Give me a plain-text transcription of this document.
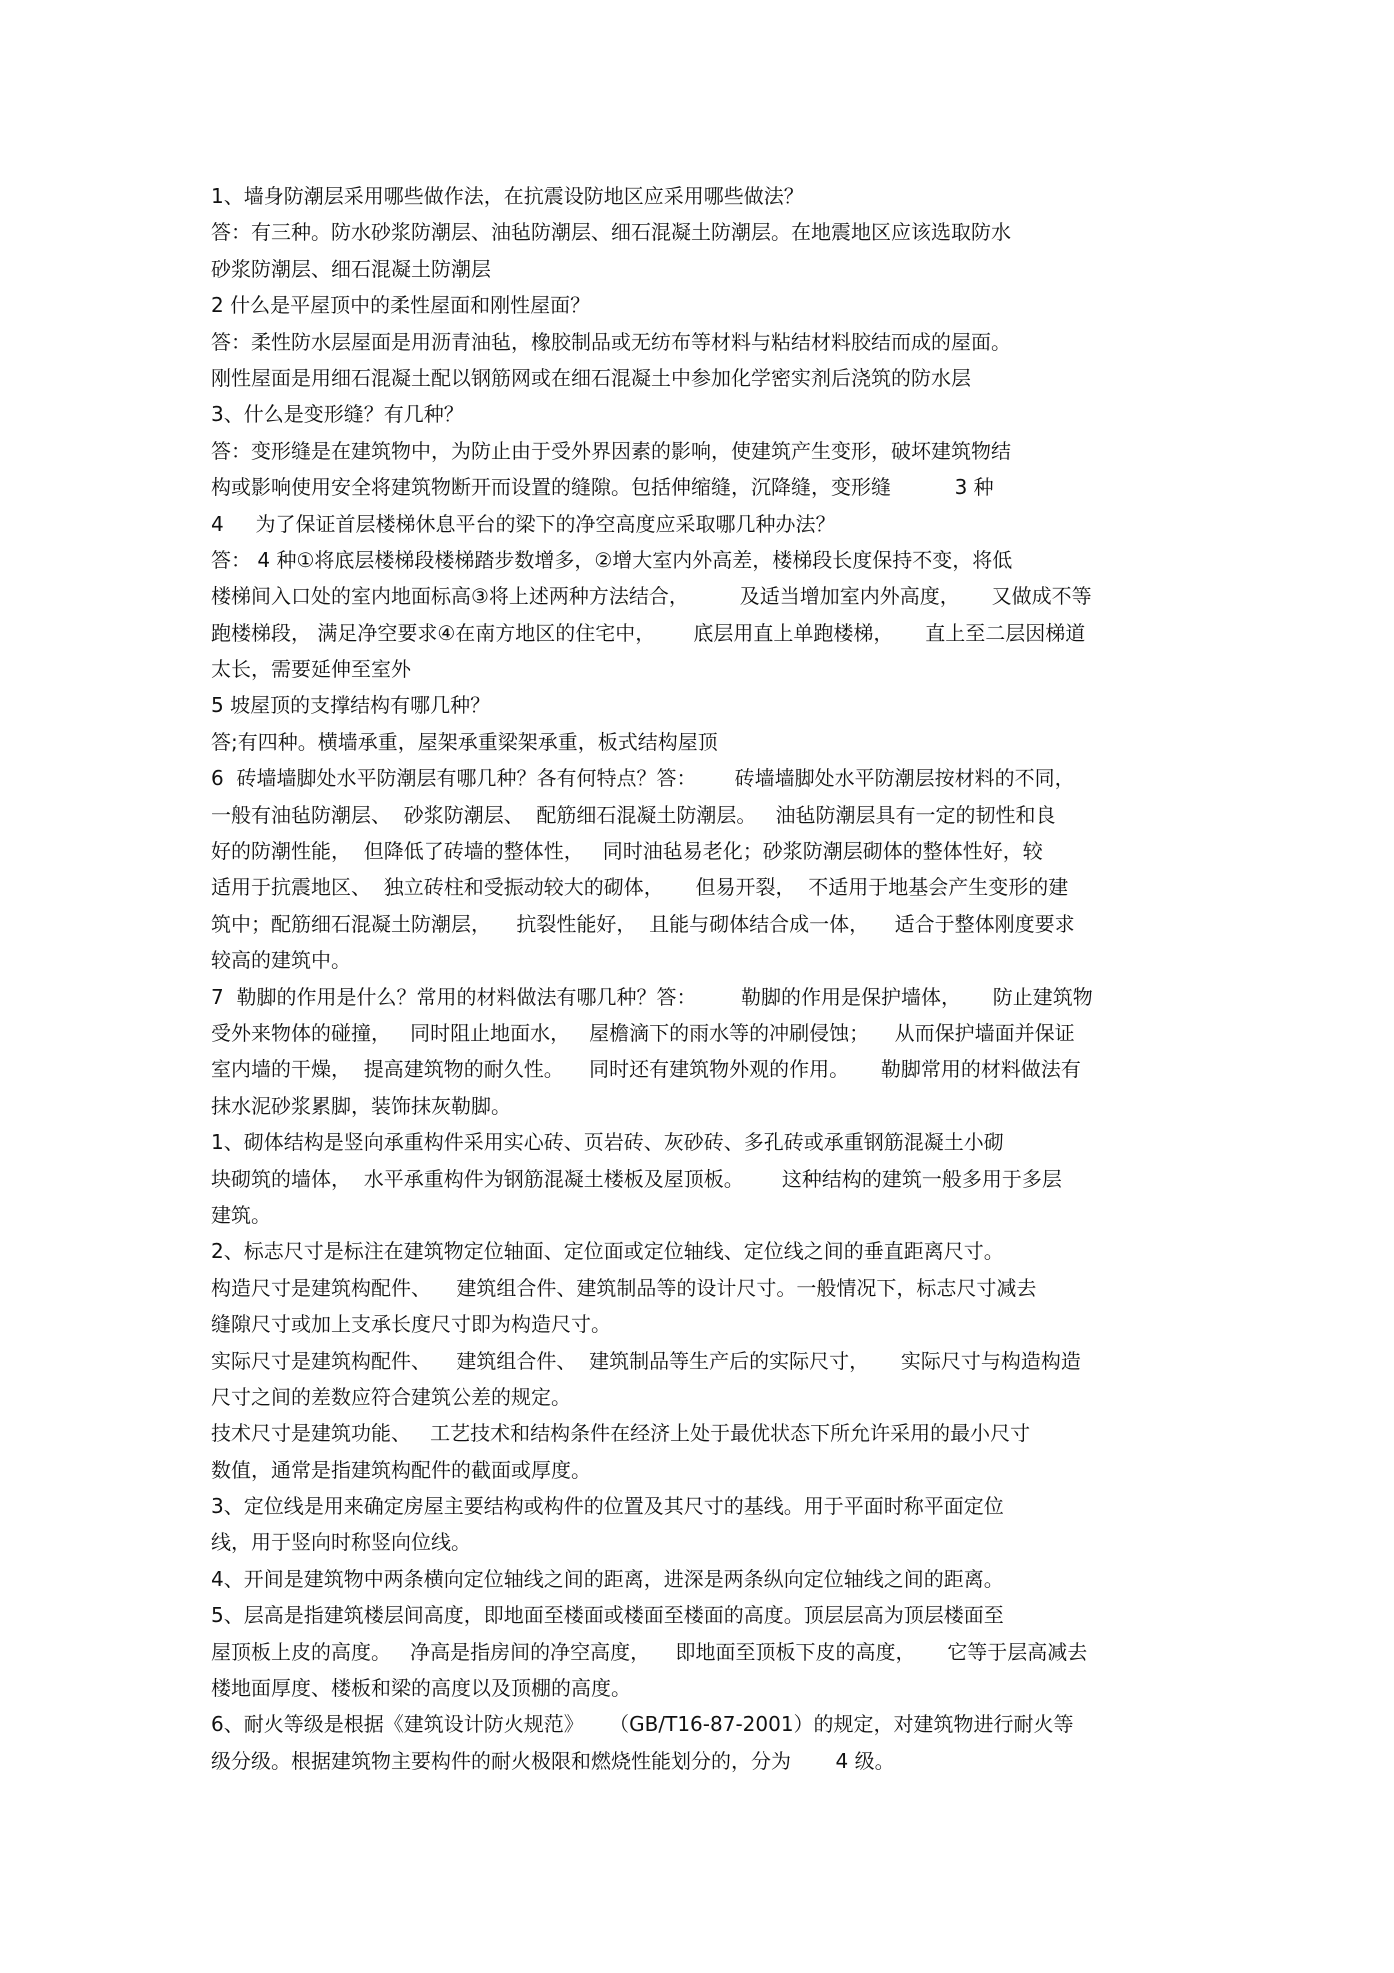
1、墙身防潮层采用哪些做作法，在抗震设防地区应采用哪些做法？

答：有三种。防水砂浆防潮层、油毡防潮层、细石混凝土防潮层。在地震地区应该选取防水

砂浆防潮层、细石混凝土防潮层

2 什么是平屋顶中的柔性屋面和刚性屋面？

答：柔性防水层屋面是用沥青油毡，橡胶制品或无纺布等材料与粘结材料胶结而成的屋面。

刚性屋面是用细石混凝土配以钢筋网或在细石混凝土中参加化学密实剂后浇筑的防水层

3、什么是变形缝？有几种？

答：变形缝是在建筑物中，为防止由于受外界因素的影响，使建筑产生变形，破坏建筑物结

构或影响使用安全将建筑物断开而设置的缝隙。包括伸缩缝，沉降缝，变形缝          3 种

4     为了保证首层楼梯休息平台的梁下的净空高度应采取哪几种办法？

答： 4 种①将底层楼梯段楼梯踏步数增多，②增大室内外高差，楼梯段长度保持不变，将低

楼梯间入口处的室内地面标高③将上述两种方法结合，        及适当增加室内外高度，     又做成不等

跑楼梯段， 满足净空要求④在南方地区的住宅中，      底层用直上单跑楼梯，     直上至二层因梯道

太长，需要延伸至室外

5 坡屋顶的支撑结构有哪几种？

答;有四种。横墙承重，屋架承重梁架承重，板式结构屋顶

6  砖墙墙脚处水平防潮层有哪几种？各有何特点？答：      砖墙墙脚处水平防潮层按材料的不同，

一般有油毡防潮层、  砂浆防潮层、  配筋细石混凝土防潮层。   油毡防潮层具有一定的韧性和良

好的防潮性能，  但降低了砖墙的整体性，   同时油毡易老化；砂浆防潮层砌体的整体性好，较

适用于抗震地区、  独立砖柱和受振动较大的砌体，     但易开裂，  不适用于地基会产生变形的建

筑中；配筋细石混凝土防潮层，    抗裂性能好，  且能与砌体结合成一体，    适合于整体刚度要求

较高的建筑中。

7  勒脚的作用是什么？常用的材料做法有哪几种？答：       勒脚的作用是保护墙体，     防止建筑物

受外来物体的碰撞，   同时阻止地面水，   屋檐滴下的雨水等的冲刷侵蚀；    从而保护墙面并保证

室内墙的干燥，  提高建筑物的耐久性。    同时还有建筑物外观的作用。     勒脚常用的材料做法有

抹水泥砂浆累脚，装饰抹灰勒脚。

1、砌体结构是竖向承重构件采用实心砖、页岩砖、灰砂砖、多孔砖或承重钢筋混凝土小砌

块砌筑的墙体，  水平承重构件为钢筋混凝土楼板及屋顶板。      这种结构的建筑一般多用于多层

建筑。

2、标志尺寸是标注在建筑物定位轴面、定位面或定位轴线、定位线之间的垂直距离尺寸。

构造尺寸是建筑构配件、    建筑组合件、建筑制品等的设计尺寸。一般情况下，标志尺寸减去

缝隙尺寸或加上支承长度尺寸即为构造尺寸。

实际尺寸是建筑构配件、    建筑组合件、  建筑制品等生产后的实际尺寸，     实际尺寸与构造构造

尺寸之间的差数应符合建筑公差的规定。

技术尺寸是建筑功能、   工艺技术和结构条件在经济上处于最优状态下所允许采用的最小尺寸

数值，通常是指建筑构配件的截面或厚度。

3、定位线是用来确定房屋主要结构或构件的位置及其尺寸的基线。用于平面时称平面定位

线，用于竖向时称竖向位线。

4、开间是建筑物中两条横向定位轴线之间的距离，进深是两条纵向定位轴线之间的距离。

5、层高是指建筑楼层间高度，即地面至楼面或楼面至楼面的高度。顶层层高为顶层楼面至

屋顶板上皮的高度。   净高是指房间的净空高度，    即地面至顶板下皮的高度，     它等于层高减去

楼地面厚度、楼板和梁的高度以及顶棚的高度。

6、耐火等级是根据《建筑设计防火规范》    （GB/T16-87-2001）的规定，对建筑物进行耐火等

级分级。根据建筑物主要构件的耐火极限和燃烧性能划分的，分为       4 级。
